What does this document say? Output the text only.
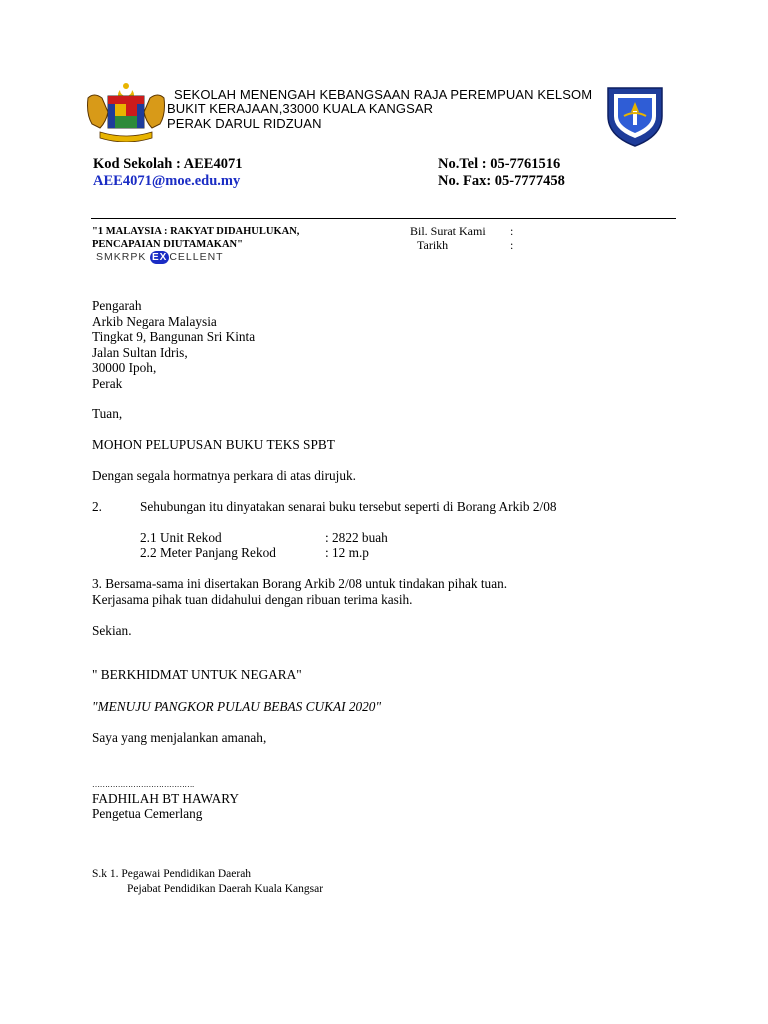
SEKOLAH MENENGAH KEBANGSAAN RAJA PEREMPUAN KELSOM
BUKIT KERAJAAN,33000 KUALA KANGSAR
PERAK DARUL RIDZUAN
Kod Sekolah : AEE4071
AEE4071@moe.edu.my
No.Tel : 05-7761516
No. Fax: 05-7777458
"1 MALAYSIA : RAKYAT DIDAHULUKAN,
PENCAPAIAN DIUTAMAKAN"
SMKRPK EX CELLENT
Bil. Surat Kami :
Tarikh	:
Pengarah
Arkib Negara Malaysia
Tingkat 9, Bangunan Sri Kinta
Jalan Sultan Idris,
30000 Ipoh,
Perak
Tuan,
MOHON PELUPUSAN BUKU TEKS SPBT
Dengan segala hormatnya perkara di atas dirujuk.
2.	Sehubungan itu dinyatakan senarai buku tersebut seperti di Borang Arkib 2/08
2.1 Unit Rekod	: 2822 buah
2.2 Meter Panjang Rekod	: 12 m.p
3. Bersama-sama ini disertakan Borang Arkib 2/08 untuk tindakan pihak tuan.
Kerjasama pihak tuan didahului dengan ribuan terima kasih.
Sekian.
" BERKHIDMAT UNTUK NEGARA"
"MENUJU PANGKOR PULAU BEBAS CUKAI 2020"
Saya yang menjalankan amanah,
………………………………….
FADHILAH BT HAWARY
Pengetua Cemerlang
S.k 1. Pegawai Pendidikan Daerah
Pejabat Pendidikan Daerah Kuala Kangsar
